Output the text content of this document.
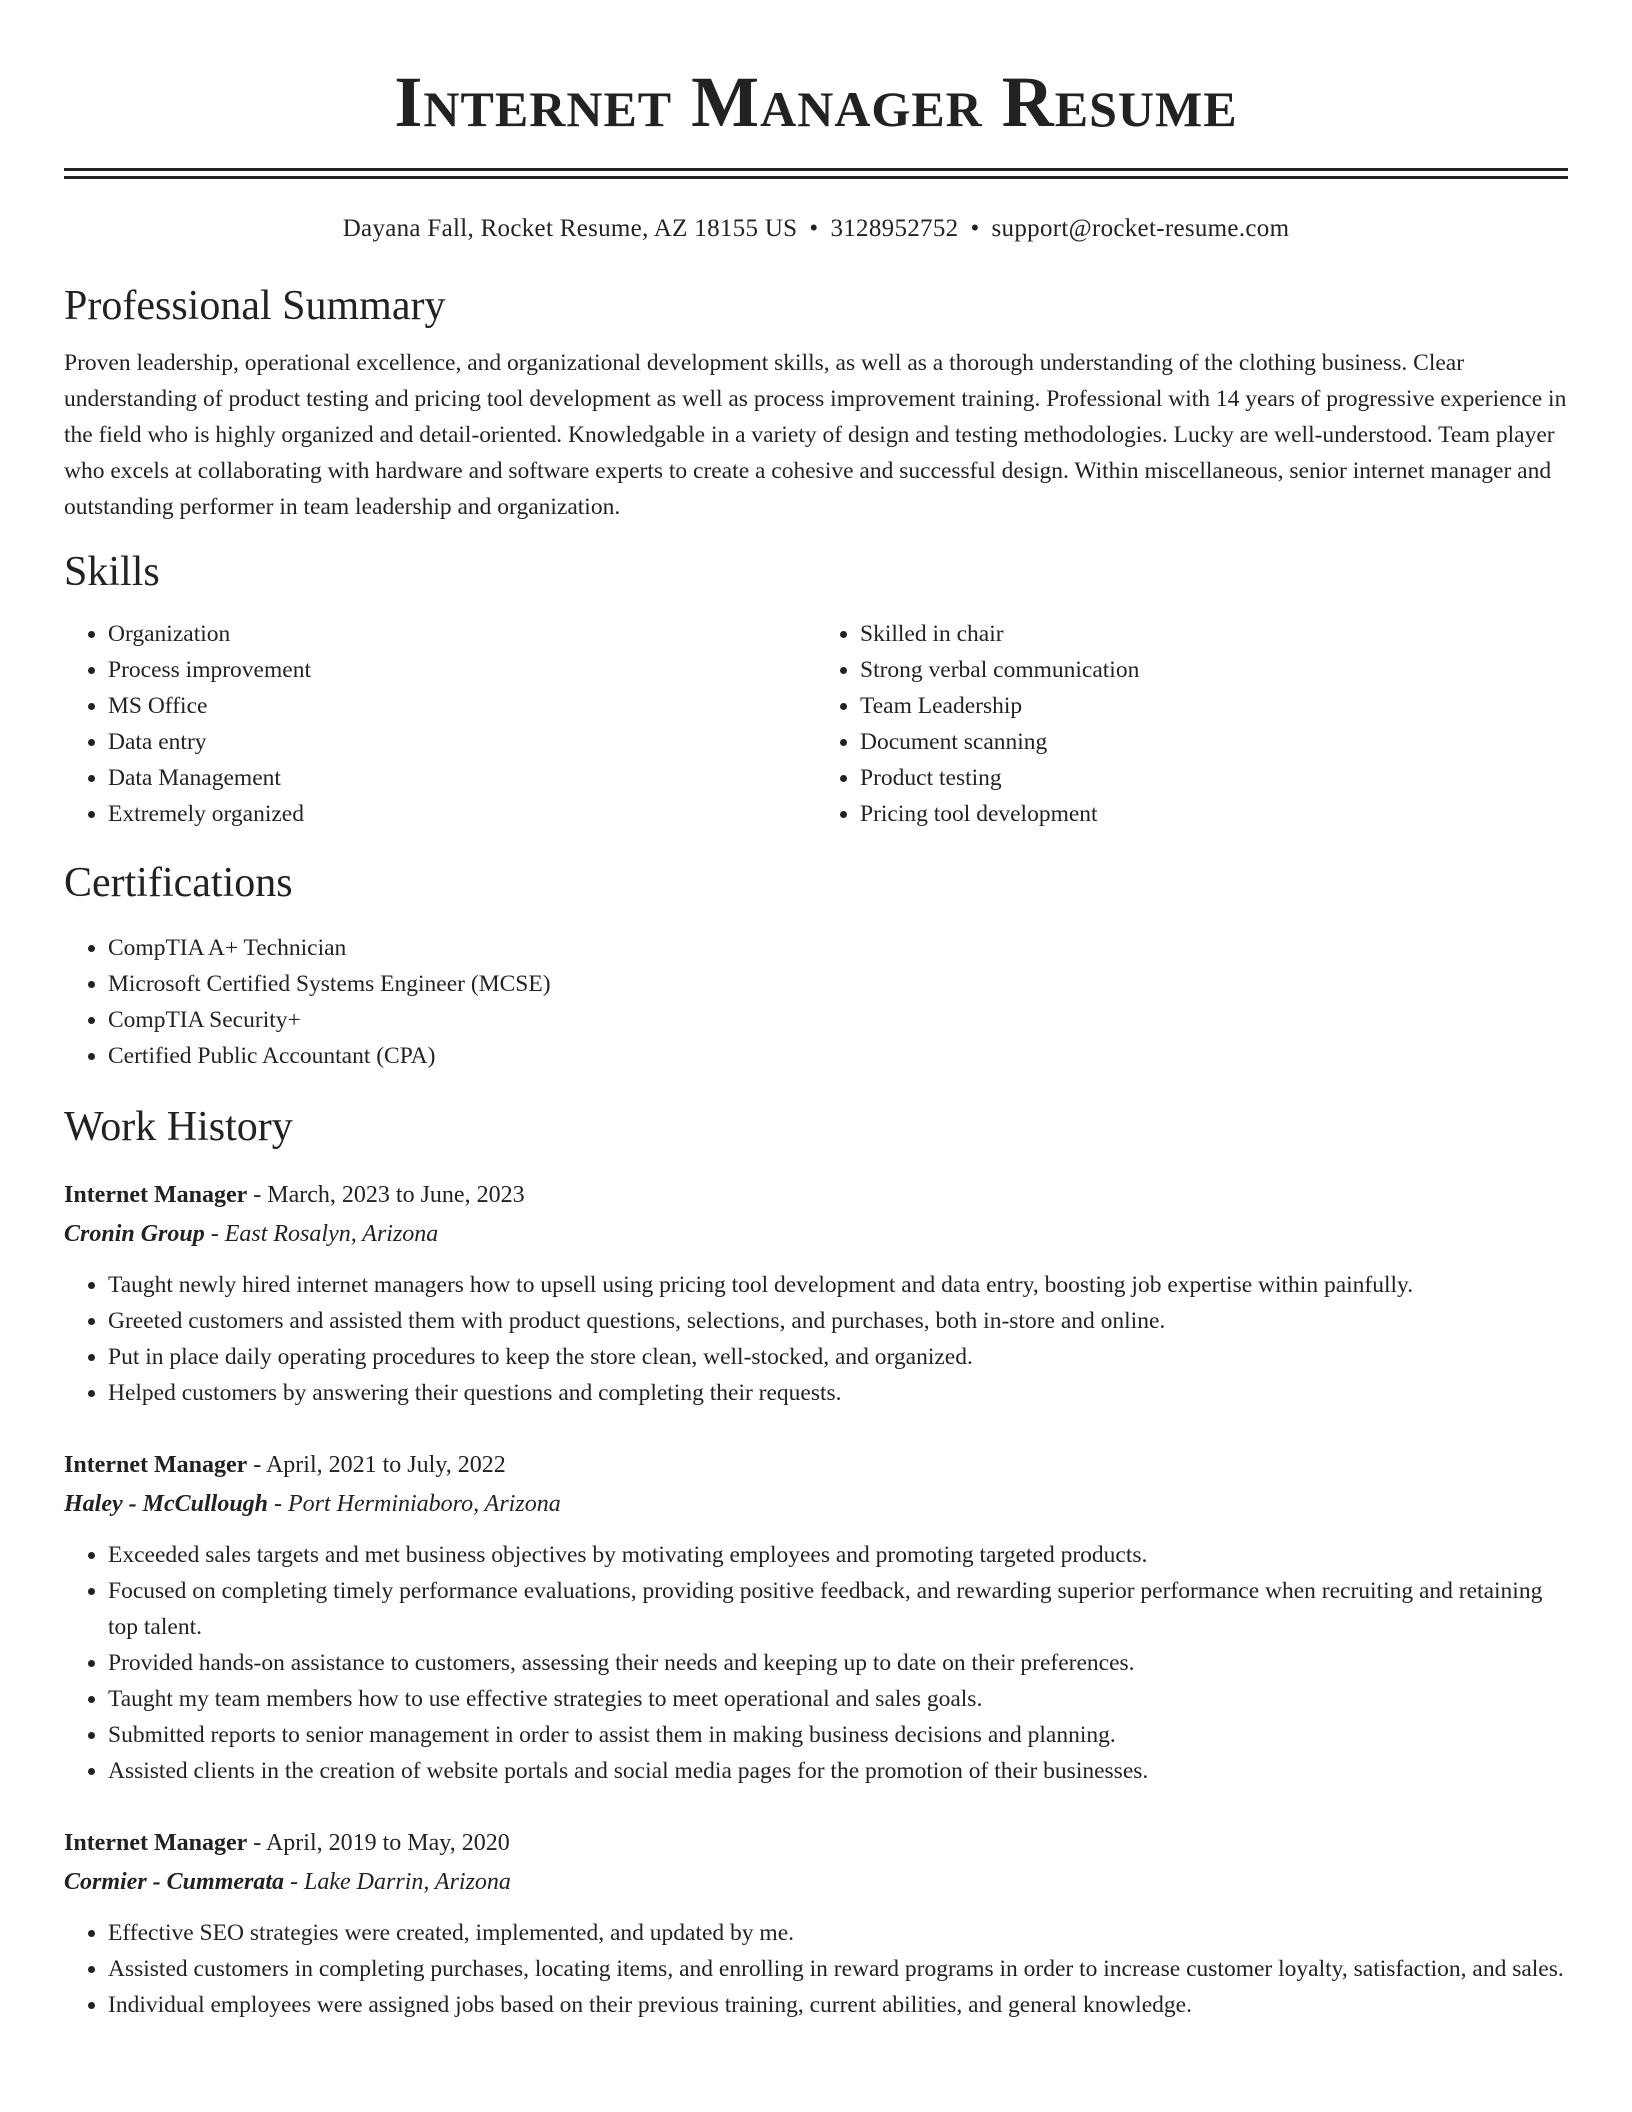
Internet Manager Resume
Dayana Fall, Rocket Resume, AZ 18155 US • 3128952752 • support@rocket-resume.com
Professional Summary

Proven leadership, operational excellence, and organizational development skills, as well as a thorough understanding of the clothing business. Clear understanding of product testing and pricing tool development as well as process improvement training. Professional with 14 years of progressive experience in the field who is highly organized and detail-oriented. Knowledgable in a variety of design and testing methodologies. Lucky are well-understood. Team player who excels at collaborating with hardware and software experts to create a cohesive and successful design. Within miscellaneous, senior internet manager and outstanding performer in team leadership and organization.

Skills
• Organization
• Process improvement
• MS Office
• Data entry
• Data Management
• Extremely organized
• Skilled in chair
• Strong verbal communication
• Team Leadership
• Document scanning
• Product testing
• Pricing tool development
Certifications
• CompTIA A+ Technician
• Microsoft Certified Systems Engineer (MCSE)
• CompTIA Security+
• Certified Public Accountant (CPA)
Work History
Internet Manager - March, 2023 to June, 2023
Cronin Group - East Rosalyn, Arizona
• Taught newly hired internet managers how to upsell using pricing tool development and data entry, boosting job expertise within painfully.
• Greeted customers and assisted them with product questions, selections, and purchases, both in-store and online.
• Put in place daily operating procedures to keep the store clean, well-stocked, and organized.
• Helped customers by answering their questions and completing their requests.
Internet Manager - April, 2021 to July, 2022
Haley - McCullough - Port Herminiaboro, Arizona
• Exceeded sales targets and met business objectives by motivating employees and promoting targeted products.
• Focused on completing timely performance evaluations, providing positive feedback, and rewarding superior performance when recruiting and retaining top talent.
• Provided hands-on assistance to customers, assessing their needs and keeping up to date on their preferences.
• Taught my team members how to use effective strategies to meet operational and sales goals.
• Submitted reports to senior management in order to assist them in making business decisions and planning.
• Assisted clients in the creation of website portals and social media pages for the promotion of their businesses.
Internet Manager - April, 2019 to May, 2020
Cormier - Cummerata - Lake Darrin, Arizona
• Effective SEO strategies were created, implemented, and updated by me.
• Assisted customers in completing purchases, locating items, and enrolling in reward programs in order to increase customer loyalty, satisfaction, and sales.
• Individual employees were assigned jobs based on their previous training, current abilities, and general knowledge.
